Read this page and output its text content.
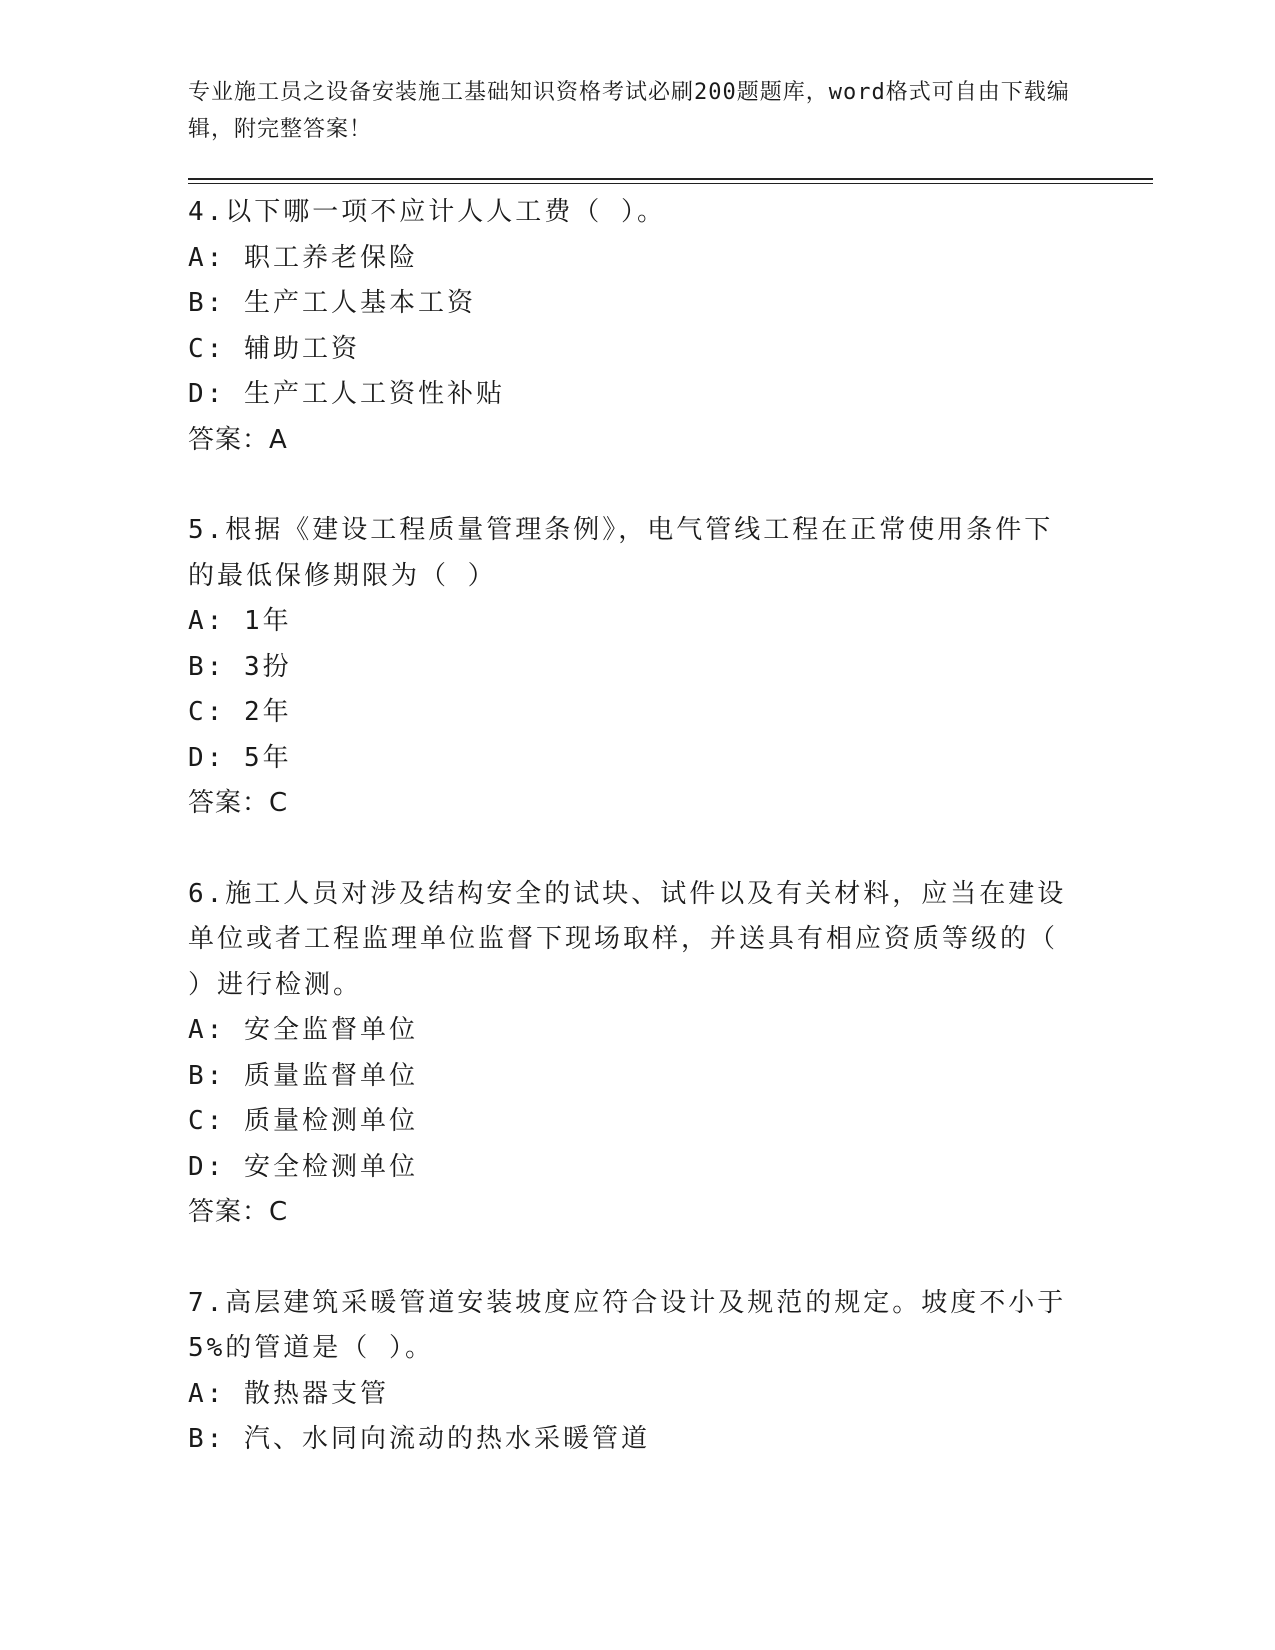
专业施工员之设备安装施工基础知识资格考试必刷200题题库，word格式可自由下载编辑，附完整答案！

4.以下哪一项不应计人人工费（ ）。

A: 职工养老保险

B: 生产工人基本工资

C: 辅助工资

D: 生产工人工资性补贴

答案：A

5.根据《建设工程质量管理条例》，电气管线工程在正常使用条件下的最低保修期限为（ ）

A: 1年

B: 3扮

C: 2年

D: 5年

答案：C

6.施工人员对涉及结构安全的试块、试件以及有关材料，应当在建设单位或者工程监理单位监督下现场取样，并送具有相应资质等级的（ ）进行检测。

A: 安全监督单位

B: 质量监督单位

C: 质量检测单位

D: 安全检测单位

答案：C

7.高层建筑采暖管道安装坡度应符合设计及规范的规定。坡度不小于5%的管道是（ ）。

A: 散热器支管

B: 汽、水同向流动的热水采暖管道
